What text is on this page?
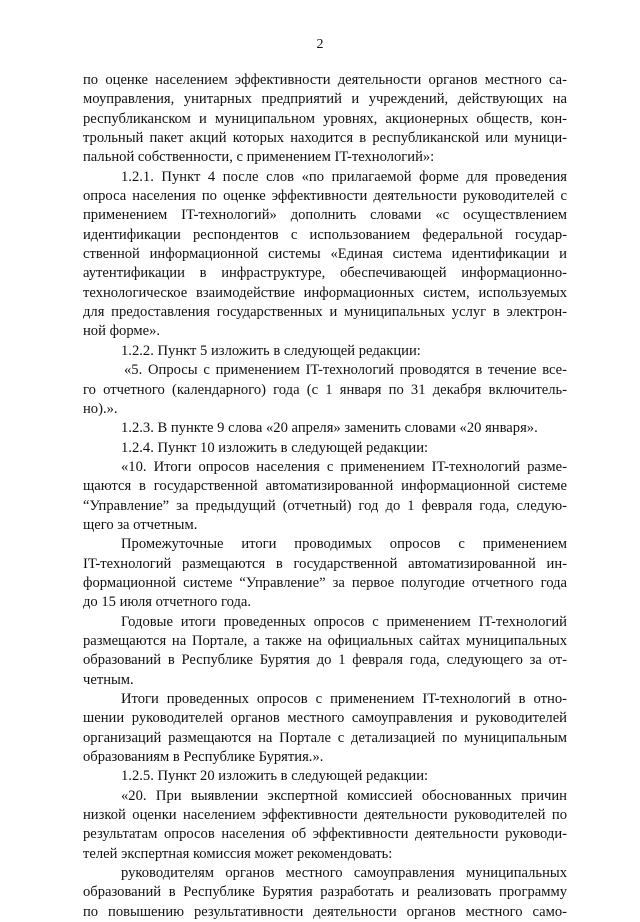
2
по оценке населением эффективности деятельности органов местного са-
моуправления, унитарных предприятий и учреждений, действующих на
республиканском и муниципальном уровнях, акционерных обществ, кон-
трольный пакет акций которых находится в республиканской или муници-
пальной собственности, с применением IT-технологий»:
1.2.1. Пункт 4 после слов «по прилагаемой форме для проведения
опроса населения по оценке эффективности деятельности руководителей с
применением IT-технологий» дополнить словами «с осуществлением
идентификации респондентов с использованием федеральной государ-
ственной информационной системы «Единая система идентификации и
аутентификации в инфраструктуре, обеспечивающей информационно-
технологическое взаимодействие информационных систем, используемых
для предоставления государственных и муниципальных услуг в электрон-
ной форме».
1.2.2. Пункт 5 изложить в следующей редакции:
«5. Опросы с применением IT-технологий проводятся в течение все-
го отчетного (календарного) года (с 1 января по 31 декабря включитель-
но).».
1.2.3. В пункте 9 слова «20 апреля» заменить словами «20 января».
1.2.4. Пункт 10 изложить в следующей редакции:
«10. Итоги опросов населения с применением IT-технологий разме-
щаются в государственной автоматизированной информационной системе
“Управление” за предыдущий (отчетный) год до 1 февраля года, следую-
щего за отчетным.
Промежуточные итоги проводимых опросов с применением
IT-технологий размещаются в государственной автоматизированной ин-
формационной системе “Управление” за первое полугодие отчетного года
до 15 июля отчетного года.
Годовые итоги проведенных опросов с применением IT-технологий
размещаются на Портале, а также на официальных сайтах муниципальных
образований в Республике Бурятия до 1 февраля года, следующего за от-
четным.
Итоги проведенных опросов с применением IT-технологий в отно-
шении руководителей органов местного самоуправления и руководителей
организаций размещаются на Портале с детализацией по муниципальным
образованиям в Республике Бурятия.».
1.2.5. Пункт 20 изложить в следующей редакции:
«20. При выявлении экспертной комиссией обоснованных причин
низкой оценки населением эффективности деятельности руководителей по
результатам опросов населения об эффективности деятельности руководи-
телей экспертная комиссия может рекомендовать:
руководителям органов местного самоуправления муниципальных
образований в Республике Бурятия разработать и реализовать программу
по повышению результативности деятельности органов местного само-
